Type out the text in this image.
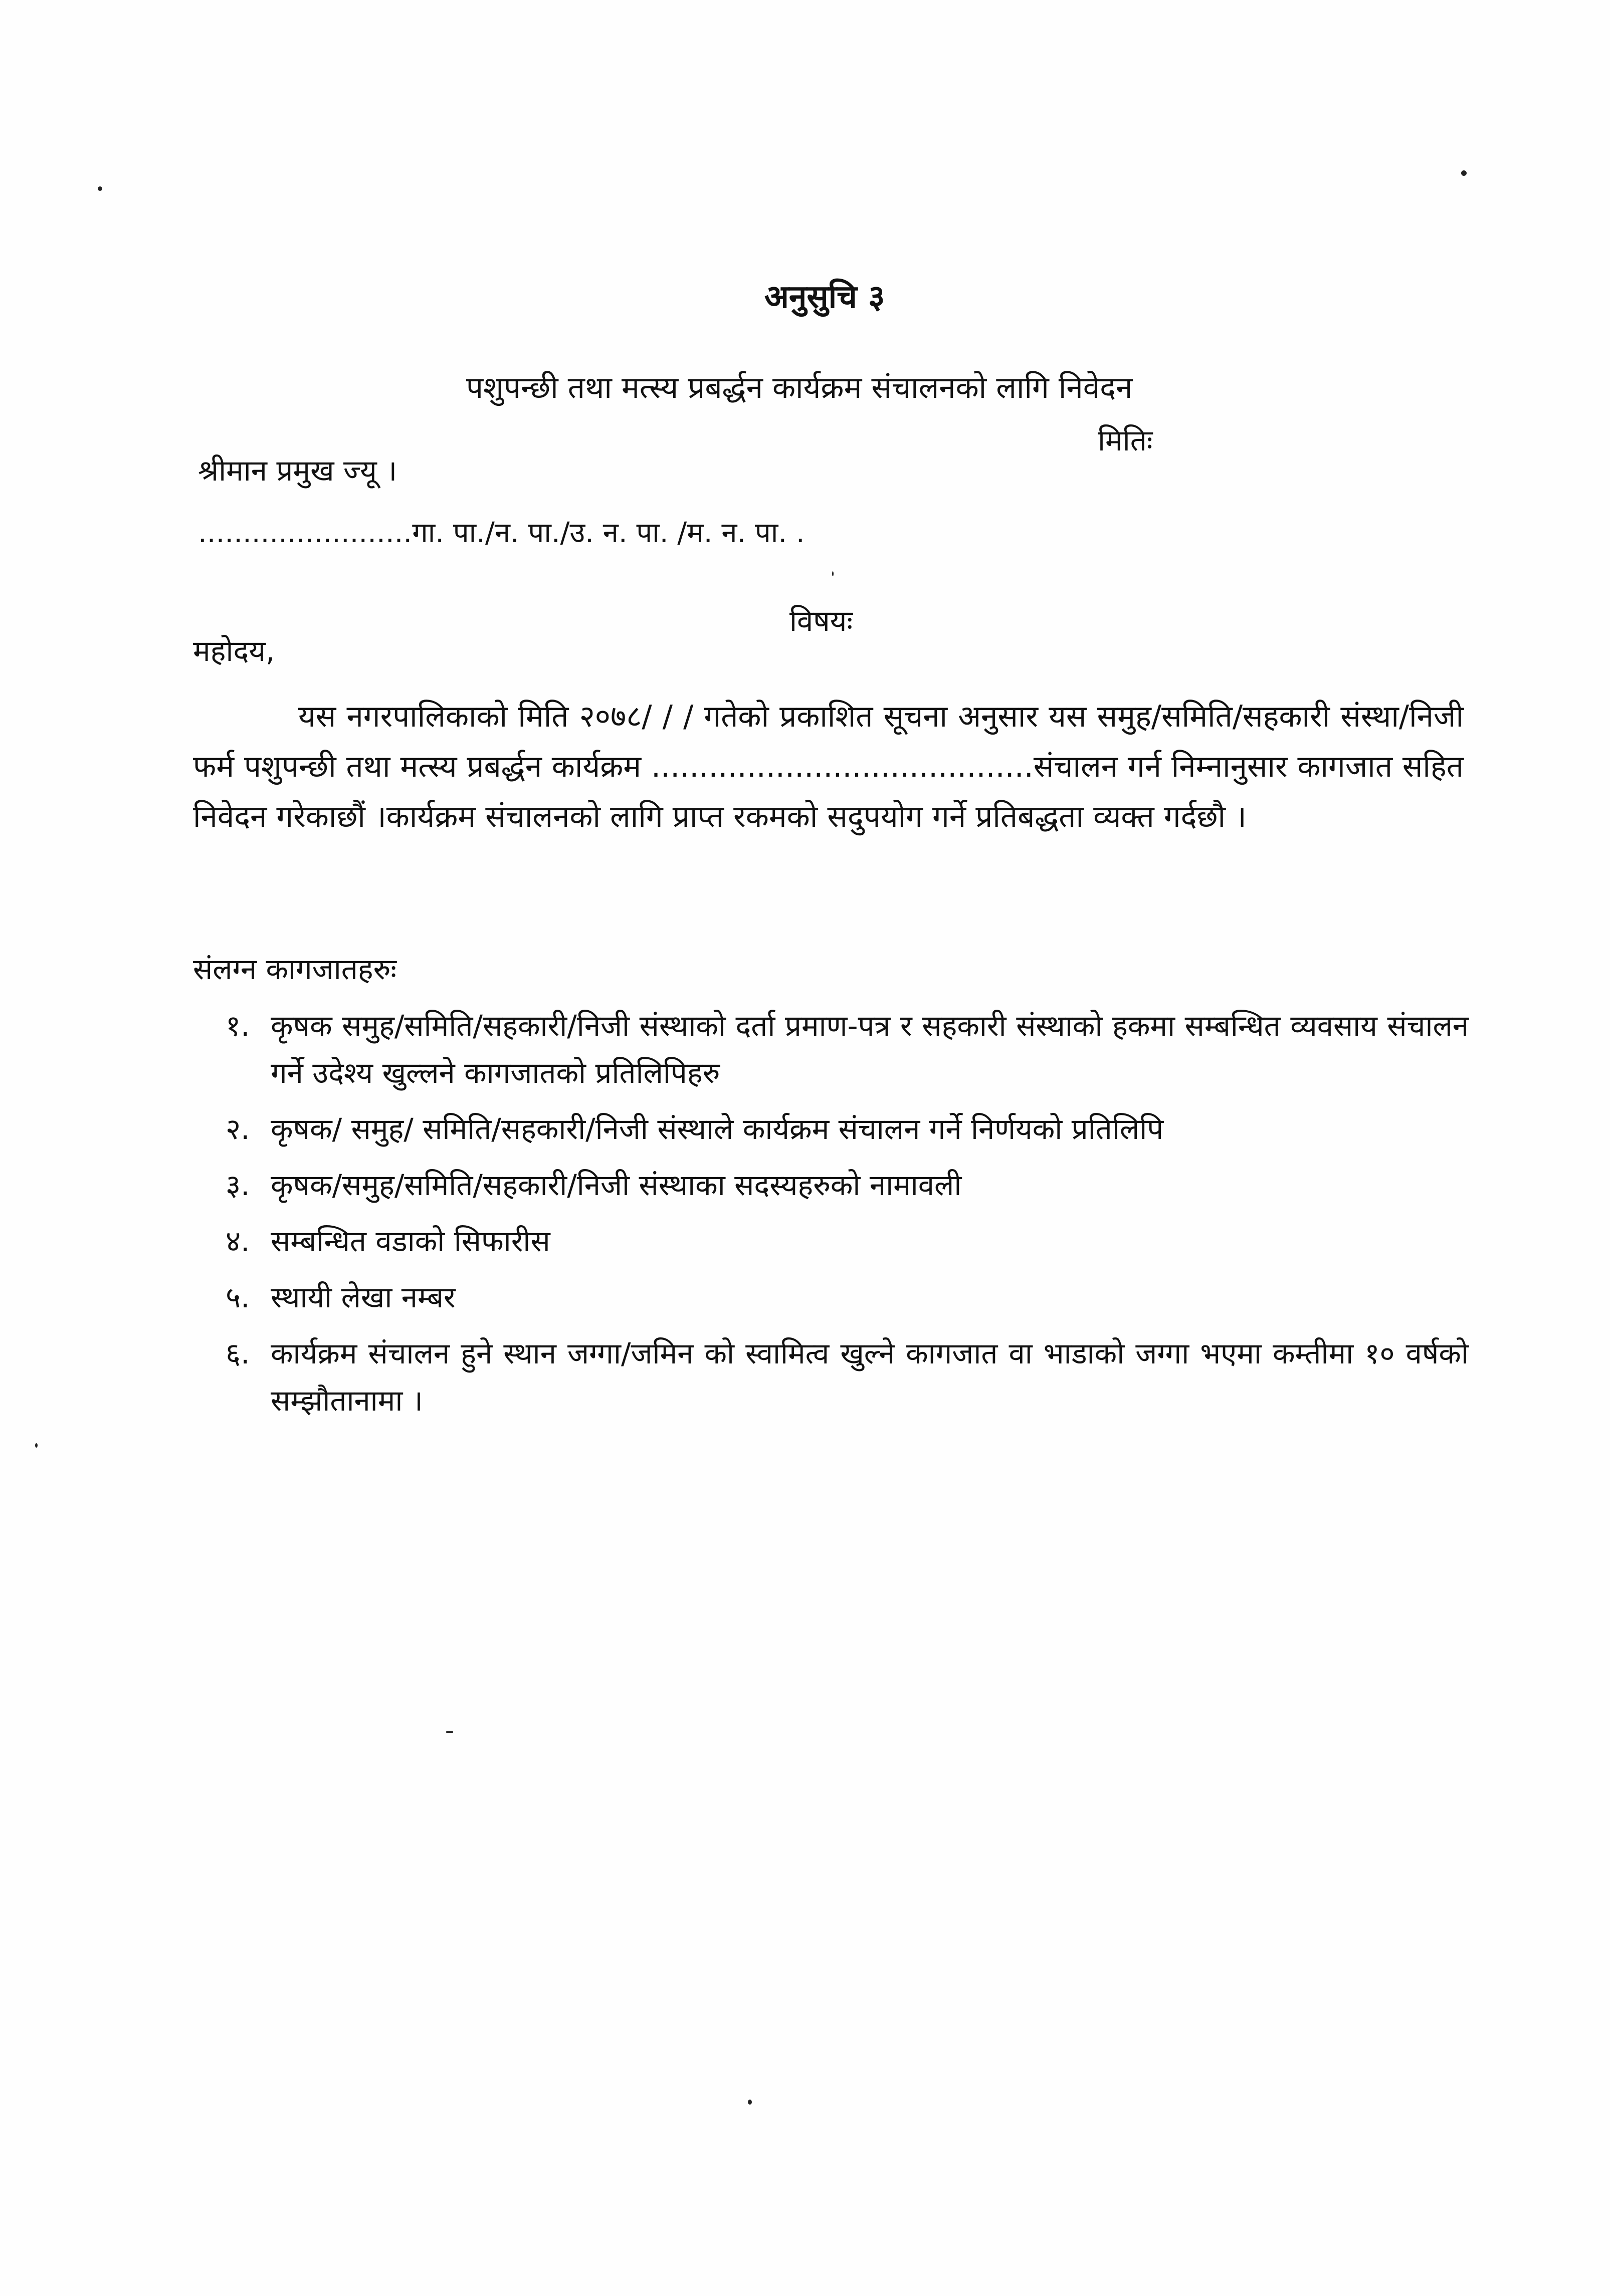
अनुसुचि ३
पशुपन्छी तथा मत्स्य प्रबर्द्धन कार्यक्रम संचालनको लागि निवेदन
मितिः
श्रीमान प्रमुख ज्यू ।
........................गा. पा./न. पा./उ. न. पा. /म. न. पा. .
विषयः
महोदय,
यस नगरपालिकाको मिति २०७८/ / / गतेको प्रकाशित सूचना अनुसार यस समुह/समिति/सहकारी संस्था/निजी फर्म पशुपन्छी तथा मत्स्य प्रबर्द्धन कार्यक्रम ........................................संचालन गर्न निम्नानुसार कागजात सहित निवेदन गरेकाछौं ।कार्यक्रम संचालनको लागि प्राप्त रकमको सदुपयोग गर्ने प्रतिबद्धता व्यक्त गर्दछौ ।
संलग्न कागजातहरुः
१. कृषक समुह/समिति/सहकारी/निजी संस्थाको दर्ता प्रमाण-पत्र र सहकारी संस्थाको हकमा सम्बन्धित व्यवसाय संचालन गर्ने उदेश्य खुल्लने कागजातको प्रतिलिपिहरु
२. कृषक/ समुह/ समिति/सहकारी/निजी संस्थाले कार्यक्रम संचालन गर्ने निर्णयको प्रतिलिपि
३. कृषक/समुह/समिति/सहकारी/निजी संस्थाका सदस्यहरुको नामावली
४. सम्बन्धित वडाको सिफारीस
५. स्थायी लेखा नम्बर
६. कार्यक्रम संचालन हुने स्थान जग्गा/जमिन को स्वामित्व खुल्ने कागजात वा भाडाको जग्गा भएमा कम्तीमा १० वर्षको सम्झौतानामा ।
